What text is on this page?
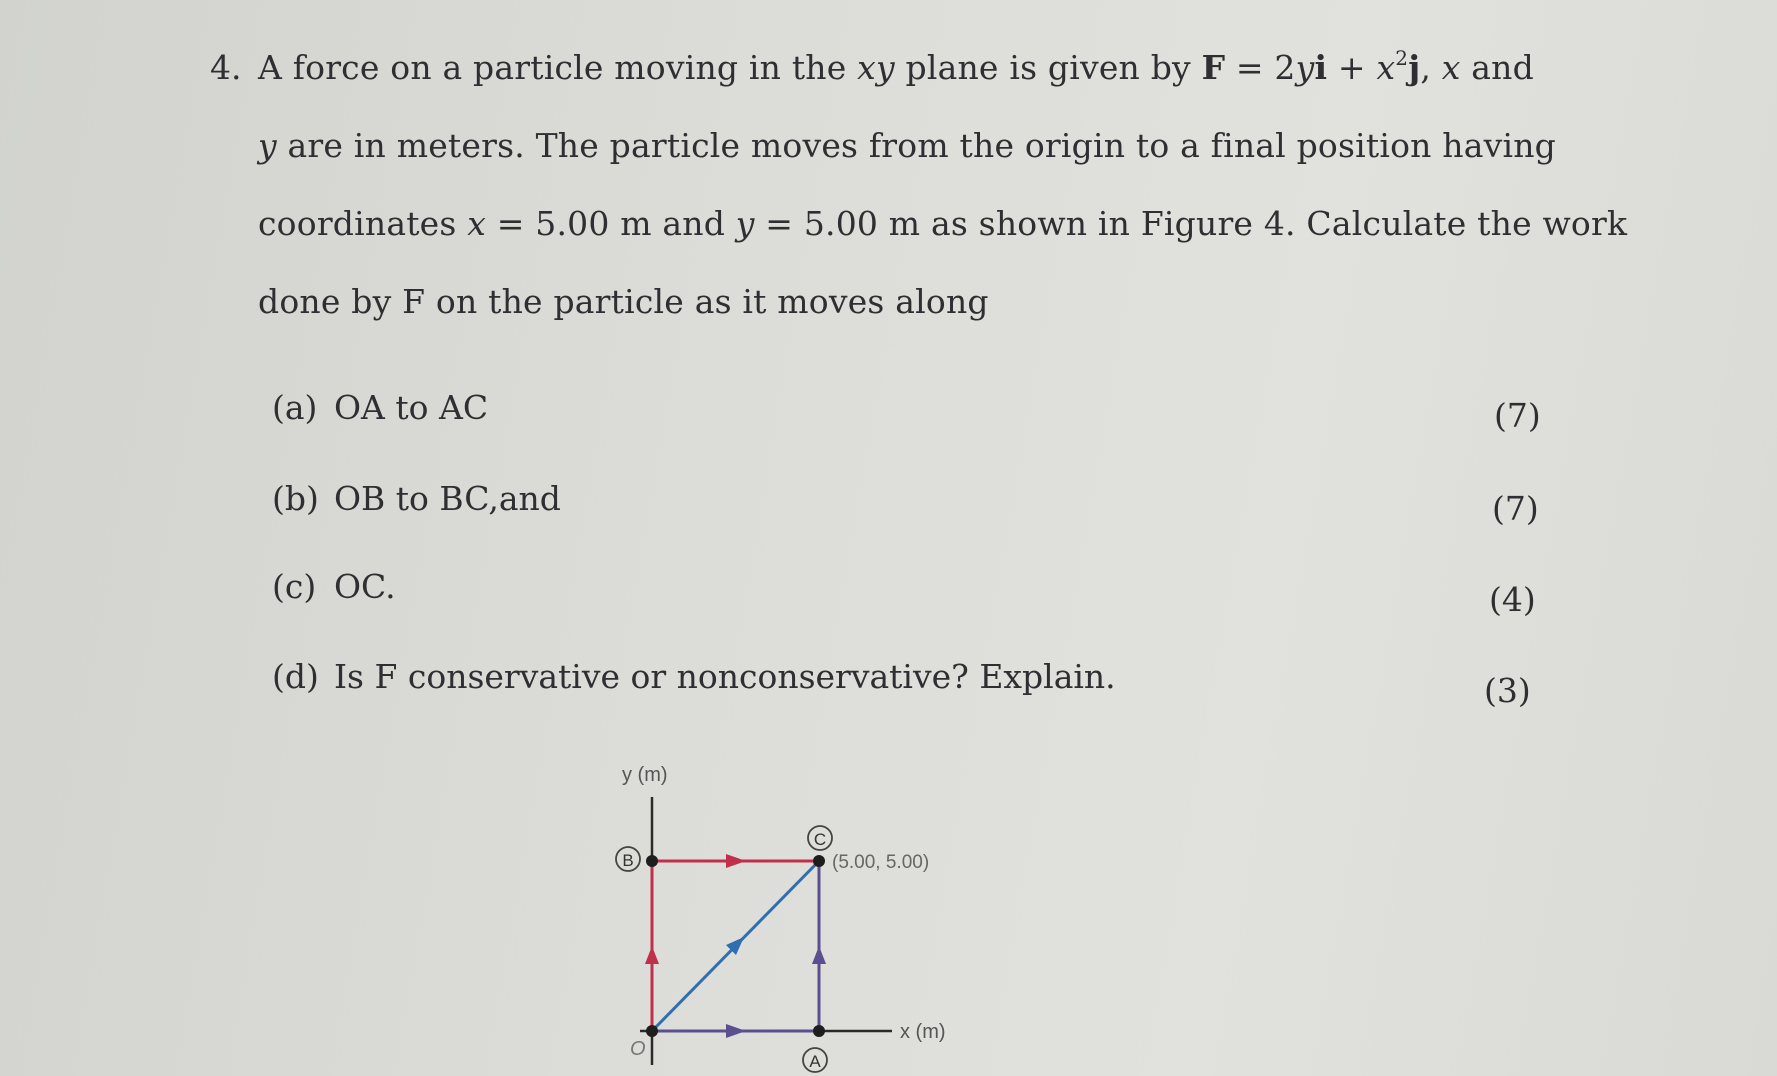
4. A force on a particle moving in the xy plane is given by $F = 2yi + x^2j$, x and
y are in meters. The particle moves from the origin to a final position having
coordinates x = 5.00 m and y = 5.00 m as shown in Figure 4. Calculate the work
done by F on the particle as it moves along
(a) OA to AC	(7)
(b) OB to BC,and	(7)
(c) OC.	(4)
(d) Is F conservative or nonconservative? Explain.	(3)
y (m)
x (m)
O
B
C
A
(5.00, 5.00)
